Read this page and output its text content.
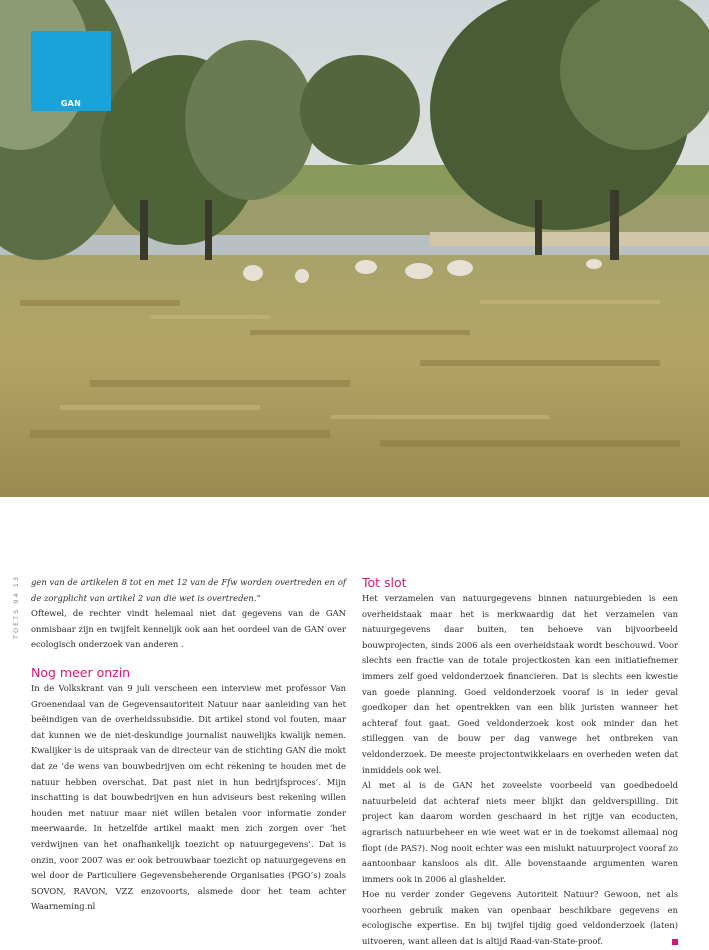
GAN
TOETS 04 13 gen van de artikelen 8 tot en met 12 van de Ffw worden overtreden en of de zorgplicht van artikel 2 van die wet is overtreden.”

Oftewel, de rechter vindt helemaal niet dat gegevens van de GAN onmisbaar zijn en twijfelt kennelijk ook aan het oordeel van de GAN over ecologisch onderzoek van anderen .

Nog meer onzin

In de Volkskrant van 9 juli verscheen een interview met professor Van Groenendaal van de Gegevensautoriteit Natuur naar aanleiding van het beëindigen van de overheidssubsidie. Dit artikel stond vol fouten, maar dat kunnen we de niet-deskundige journalist nauwelijks kwalijk nemen. Kwalijker is de uitspraak van de directeur van de stichting GAN die mokt dat ze ‘de wens van bouwbedrijven om echt rekening te houden met de natuur hebben overschat. Dat past niet in hun bedrijfsproces’. Mijn inschatting is dat bouwbedrijven en hun adviseurs best rekening willen houden met natuur maar niet willen betalen voor informatie zonder meerwaarde. In hetzelfde artikel maakt men zich zorgen over ‘het verdwijnen van het onafhankelijk toezicht op natuurgegevens’. Dat is onzin, voor 2007 was er ook betrouwbaar toezicht op natuurgegevens en wel door de Particuliere Gegevensbeherende Organisaties (PGO’s) zoals SOVON, RAVON, VZZ enzovoorts, alsmede door het team achter Waarneming.nl

Tot slot

Het verzamelen van natuurgegevens binnen natuurgebieden is een overheidstaak maar het is merkwaardig dat het verzamelen van natuurgegevens daar buiten, ten behoeve van bijvoorbeeld bouwprojecten, sinds 2006 als een overheidstaak wordt beschouwd. Voor slechts een fractie van de totale projectkosten kan een initiatiefnemer immers zelf goed veldonderzoek financieren. Dat is slechts een kwestie van goede planning. Goed veldonderzoek vooraf is in ieder geval goedkoper dan het opentrekken van een blik juristen wanneer het achteraf fout gaat. Goed veldonderzoek kost ook minder dan het stilleggen van de bouw per dag vanwege het ontbreken van veldonderzoek. De meeste projectontwikkelaars en overheden weten dat inmiddels ook wel.

Al met al is de GAN het zoveelste voorbeeld van goedbedoeld natuurbeleid dat achteraf niets meer blijkt dan geldverspilling. Dit project kan daarom worden geschaard in het rijtje van ecoducten, agrarisch natuurbeheer en wie weet wat er in de toekomst allemaal nog flopt (de PAS?). Nog nooit echter was een mislukt natuurproject vooraf zo aantoonbaar kansloos als dit. Alle bovenstaande argumenten waren immers ook in 2006 al glashelder.

Hoe nu verder zonder Gegevens Autoriteit Natuur? Gewoon, net als voorheen gebruik maken van openbaar beschikbare gegevens en ecologische expertise. En bij twijfel tijdig goed veldonderzoek (laten) uitvoeren, want alleen dat is altijd Raad-van-State-proof.
